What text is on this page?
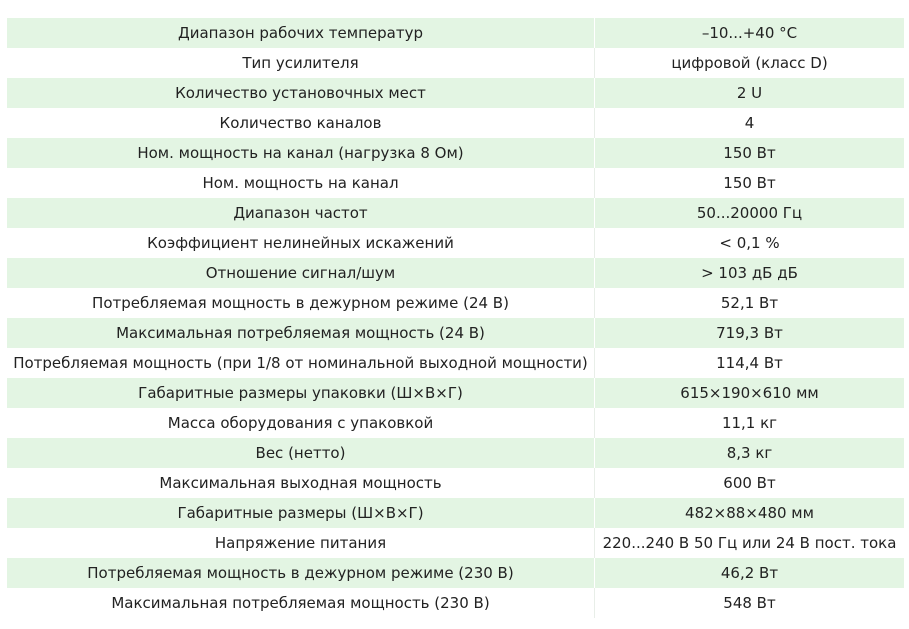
Диапазон рабочих температур	–10...+40 °С
Тип усилителя	цифровой (класс D)
Количество установочных мест	2 U
Количество каналов	4
Ном. мощность на канал (нагрузка 8 Ом)	150 Вт
Ном. мощность на канал	150 Вт
Диапазон частот	50...20000 Гц
Коэффициент нелинейных искажений	< 0,1 %
Отношение сигнал/шум	> 103 дБ дБ
Потребляемая мощность в дежурном режиме (24 В)	52,1 Вт
Максимальная потребляемая мощность (24 В)	719,3 Вт
Потребляемая мощность (при 1/8 от номинальной выходной мощности)	114,4 Вт
Габаритные размеры упаковки (Ш×В×Г)	615×190×610 мм
Масса оборудования с упаковкой	11,1 кг
Вес (нетто)	8,3 кг
Максимальная выходная мощность	600 Вт
Габаритные размеры (Ш×В×Г)	482×88×480 мм
Напряжение питания	220...240 В 50 Гц или 24 В пост. тока
Потребляемая мощность в дежурном режиме (230 В)	46,2 Вт
Максимальная потребляемая мощность (230 В)	548 Вт
